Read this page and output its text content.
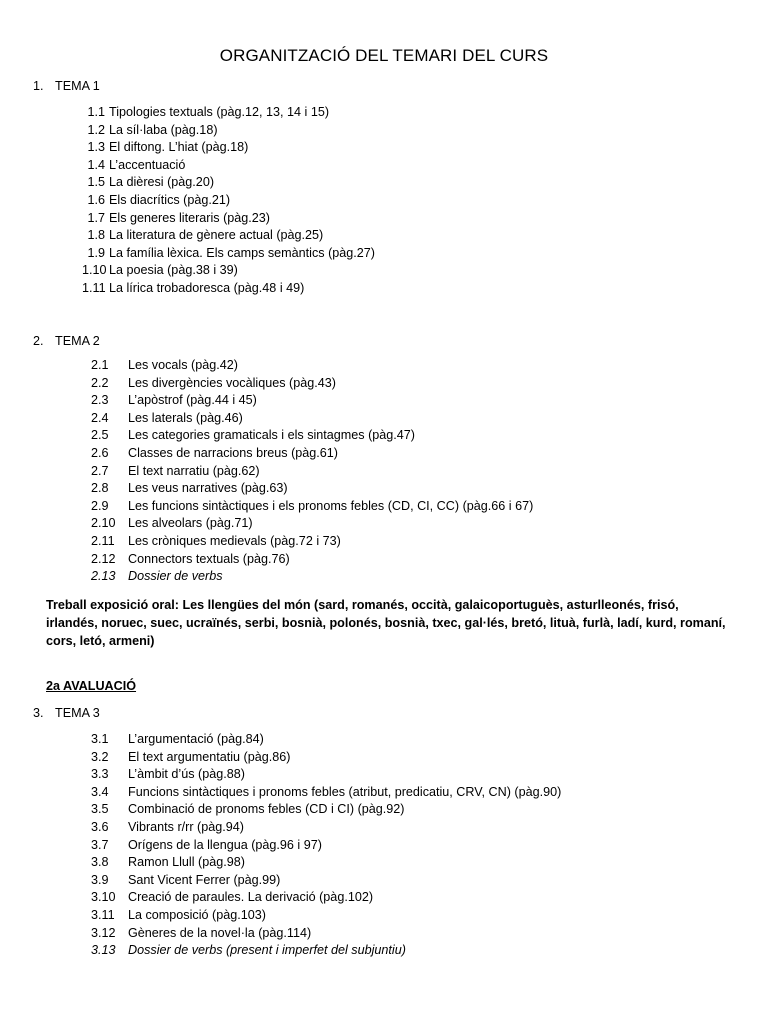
ORGANITZACIÓ DEL TEMARI DEL CURS
1. TEMA 1
1.1 Tipologies textuals (pàg.12, 13, 14 i 15)
1.2 La síl·laba (pàg.18)
1.3 El diftong. L’hiat (pàg.18)
1.4 L’accentuació
1.5 La dièresi (pàg.20)
1.6 Els diacrítics (pàg.21)
1.7 Els generes literaris (pàg.23)
1.8 La literatura de gènere actual (pàg.25)
1.9 La família lèxica. Els camps semàntics (pàg.27)
1.10 La poesia (pàg.38 i 39)
1.11 La lírica trobadoresca (pàg.48 i 49)
2. TEMA 2
2.1 Les vocals (pàg.42)
2.2 Les divergències vocàliques (pàg.43)
2.3 L’apòstrof (pàg.44 i 45)
2.4 Les laterals (pàg.46)
2.5 Les categories gramaticals i els sintagmes (pàg.47)
2.6 Classes de narracions breus (pàg.61)
2.7 El text narratiu (pàg.62)
2.8 Les veus narratives (pàg.63)
2.9 Les funcions sintàctiques i els pronoms febles (CD, CI, CC) (pàg.66 i 67)
2.10 Les alveolars (pàg.71)
2.11 Les cròniques medievals (pàg.72 i 73)
2.12 Connectors textuals (pàg.76)
2.13 Dossier de verbs
Treball exposició oral: Les llengües del món (sard, romanés, occità, galaicoportuguès, asturlleonés, frisó, irlandés, noruec, suec, ucraïnés, serbi, bosnià, polonés, bosnià, txec, gal·lés, bretó, lituà, furlà, ladí, kurd, romaní, cors, letó, armeni)
2a AVALUACIÓ
3. TEMA 3
3.1 L’argumentació (pàg.84)
3.2 El text argumentatiu (pàg.86)
3.3 L’àmbit d’ús (pàg.88)
3.4 Funcions sintàctiques i pronoms febles (atribut, predicatiu, CRV, CN) (pàg.90)
3.5 Combinació de pronoms febles (CD i CI) (pàg.92)
3.6 Vibrants r/rr (pàg.94)
3.7 Orígens de la llengua (pàg.96 i 97)
3.8 Ramon Llull (pàg.98)
3.9 Sant Vicent Ferrer (pàg.99)
3.10 Creació de paraules. La derivació (pàg.102)
3.11 La composició (pàg.103)
3.12 Gèneres de la novel·la (pàg.114)
3.13 Dossier de verbs (present i imperfet del subjuntiu)
